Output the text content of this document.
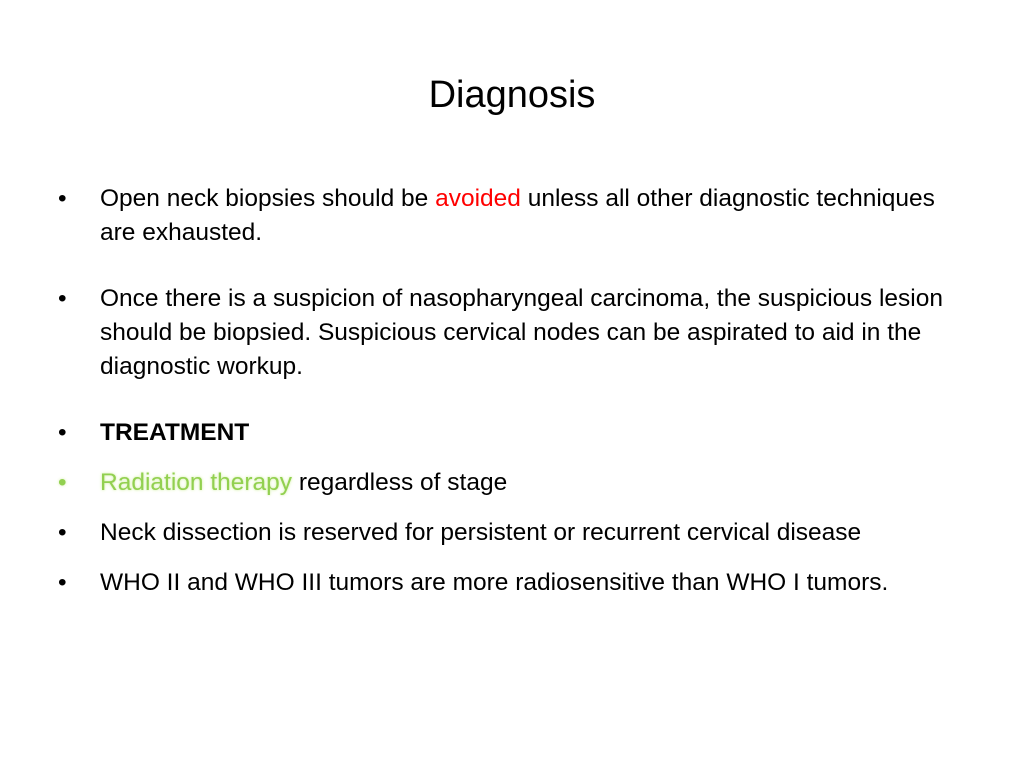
Diagnosis
•	Open neck biopsies should be avoided unless all other diagnostic techniques are exhausted.
•	Once there is a suspicion of nasopharyngeal carcinoma, the suspicious lesion should be biopsied. Suspicious cervical nodes can be aspirated to aid in the diagnostic workup.
•	TREATMENT
•	Radiation therapy regardless of stage
•	Neck dissection is reserved for persistent or recurrent cervical disease
•	WHO II and WHO III tumors are more radiosensitive than WHO I tumors.
